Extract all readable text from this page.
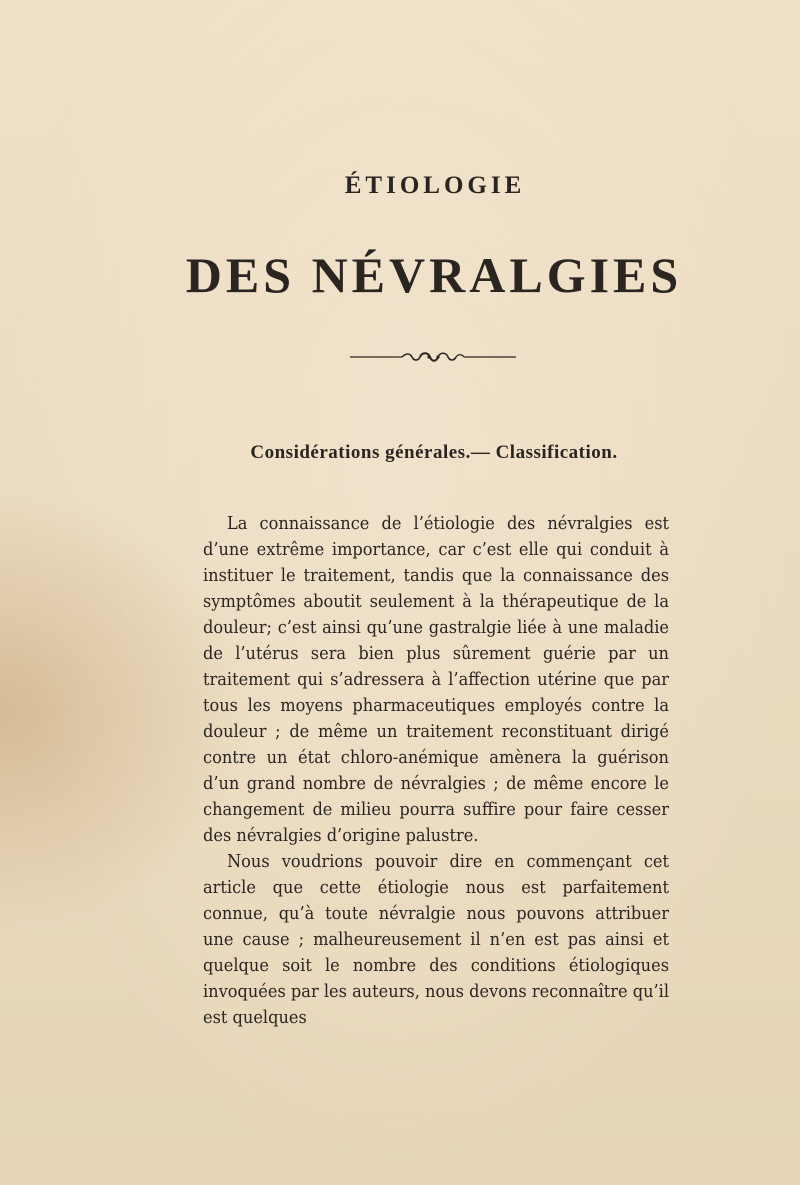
ÉTIOLOGIE
DES NÉVRALGIES
Considérations générales.— Classification.

La connaissance de l’étiologie des névralgies est d’une extrême importance, car c’est elle qui conduit à instituer le traitement, tandis que la connaissance des symptômes aboutit seulement à la thérapeutique de la douleur; c’est ainsi qu’une gastralgie liée à une maladie de l’utérus sera bien plus sûrement guérie par un traitement qui s’adressera à l’affection utérine que par tous les moyens pharmaceutiques employés contre la douleur ; de même un traitement reconstituant dirigé contre un état chloro-anémique amènera la guérison d’un grand nombre de névralgies ; de même encore le changement de milieu pourra suffire pour faire cesser des névralgies d’origine palustre.

Nous voudrions pouvoir dire en commençant cet article que cette étiologie nous est parfaitement connue, qu’à toute névralgie nous pouvons attribuer une cause ; malheureusement il n’en est pas ainsi et quelque soit le nombre des conditions étiologiques invoquées par les auteurs, nous devons reconnaître qu’il est quelques
